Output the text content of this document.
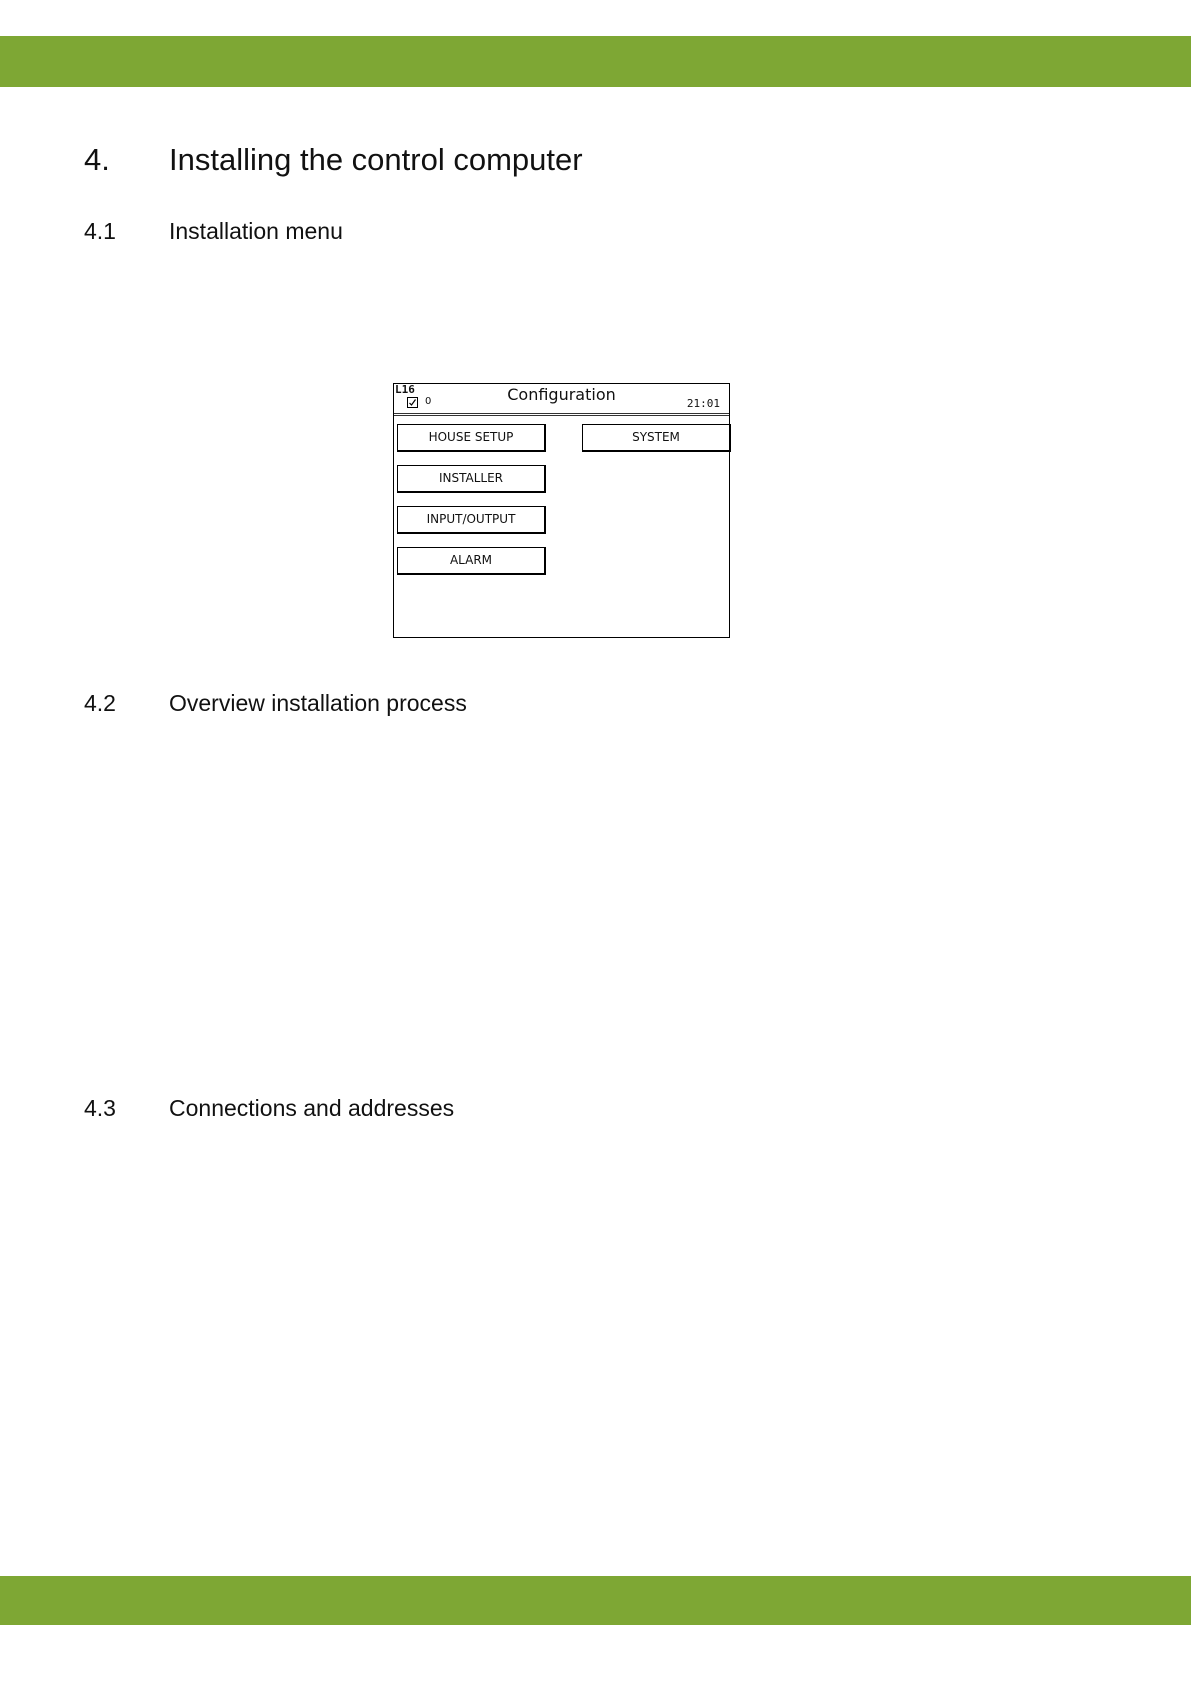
4. Installing the control computer
4.1 Installation menu
L16
0	Configuration	21:01
HOUSE SETUP
INSTALLER
INPUT/OUTPUT
ALARM
SYSTEM
4.2 Overview installation process
4.3 Connections and addresses
